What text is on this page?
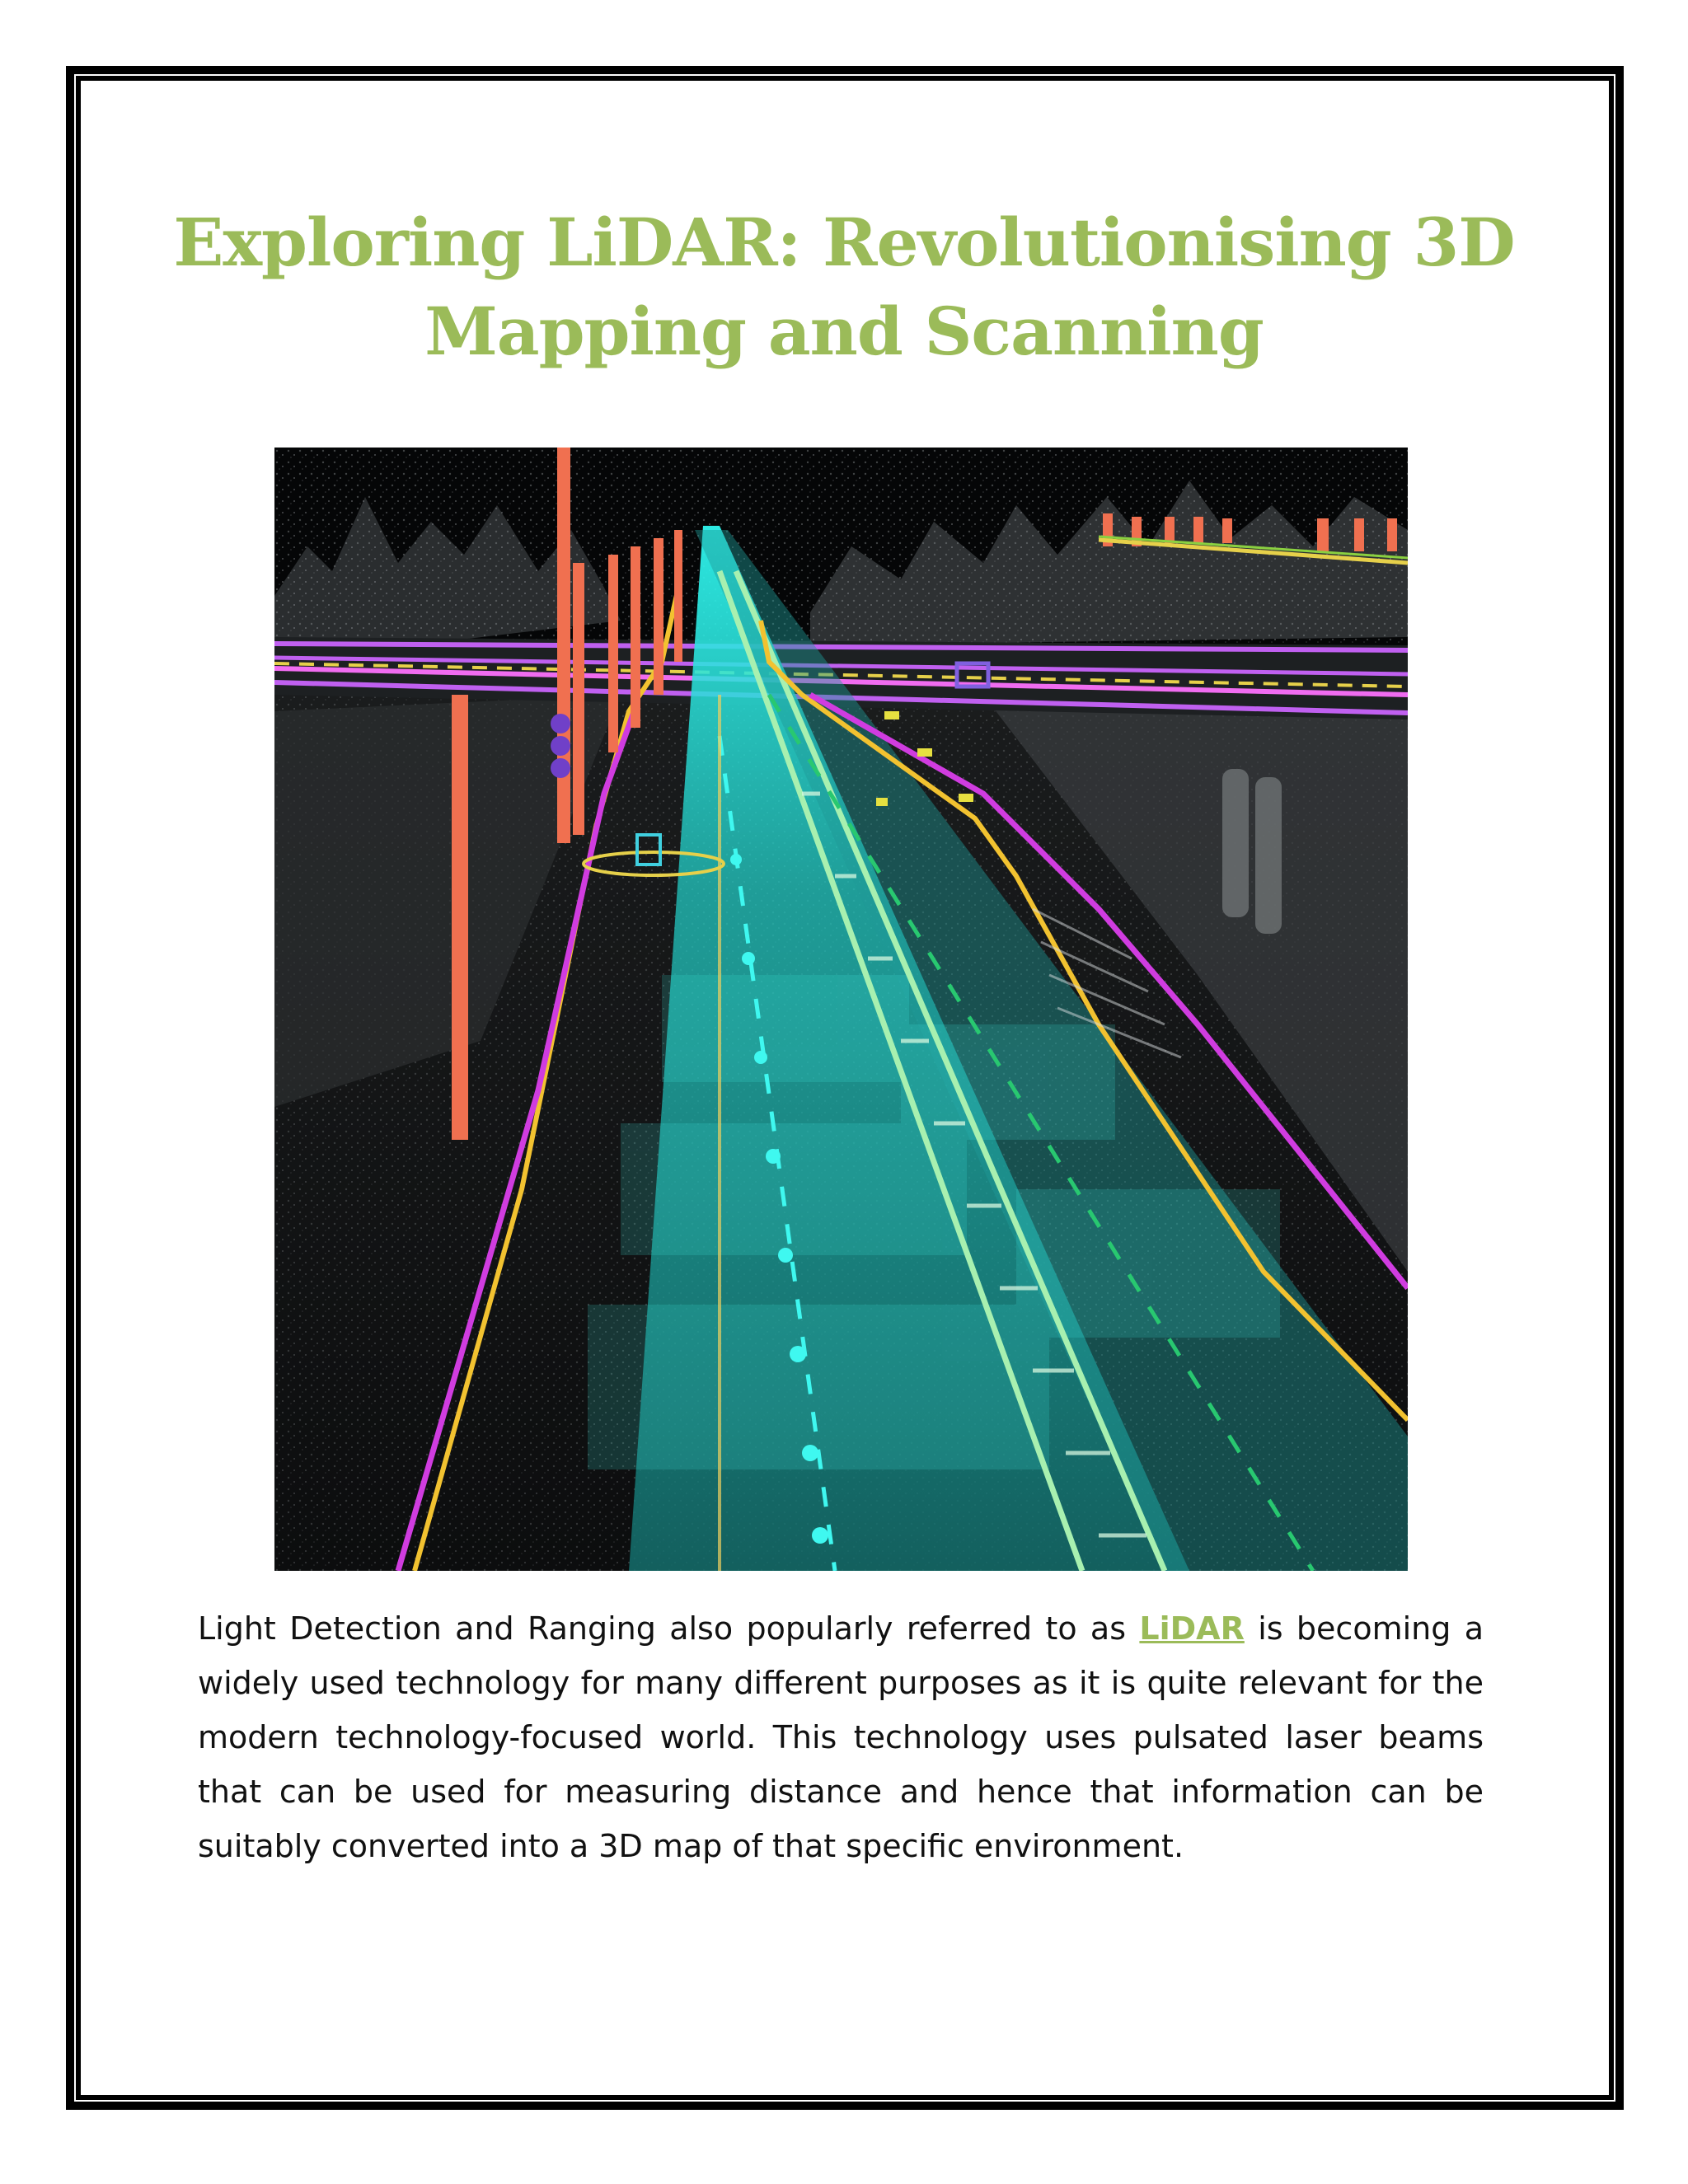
Exploring LiDAR: Revolutionising 3D
Mapping and Scanning

Light Detection and Ranging also popularly referred to as LiDAR is becoming a widely used technology for many different purposes as it is quite relevant for the modern technology-focused world. This technology uses pulsated laser beams that can be used for measuring distance and hence that information can be suitably converted into a 3D map of that specific environment.
